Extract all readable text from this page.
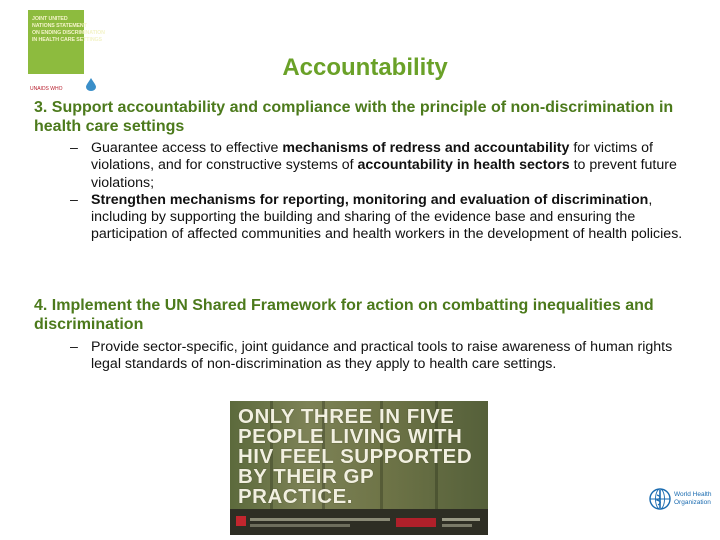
JOINT UNITED
NATIONS STATEMENT
ON ENDING DISCRIMINATION
IN HEALTH CARE SETTINGS
UNAIDS WHO
Accountability
3. Support accountability and compliance with the principle of non-discrimination in health care settings
– Guarantee access to effective mechanisms of redress and accountability for victims of violations, and for constructive systems of accountability in health sectors to prevent future violations;
– Strengthen mechanisms for reporting, monitoring and evaluation of discrimination, including by supporting the building and sharing of the evidence base and ensuring the participation of affected communities and health workers in the development of health policies.
4. Implement the UN Shared Framework for action on combatting inequalities and discrimination
– Provide sector-specific, joint guidance and practical tools to raise awareness of human rights legal standards of non-discrimination as they apply to health care settings.
ONLY THREE IN FIVE PEOPLE LIVING WITH HIV FEEL SUPPORTED BY THEIR GP PRACTICE.	World Health
Organization
